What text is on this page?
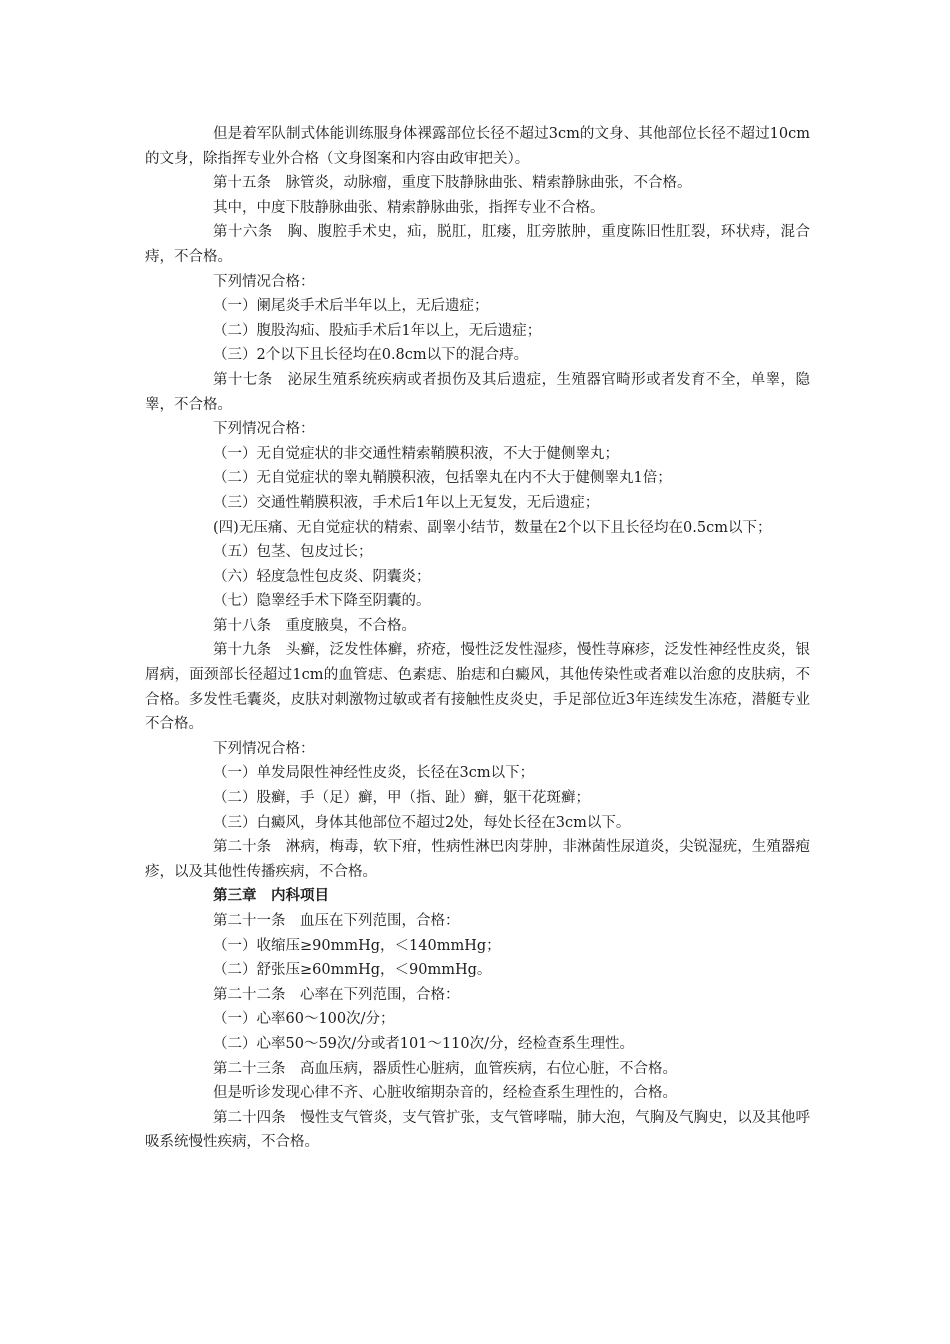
但是着军队制式体能训练服身体裸露部位长径不超过3cm的文身、其他部位长径不超过10cm的文身，除指挥专业外合格（文身图案和内容由政审把关）。

第十五条　脉管炎，动脉瘤，重度下肢静脉曲张、精索静脉曲张，不合格。

其中，中度下肢静脉曲张、精索静脉曲张，指挥专业不合格。

第十六条　胸、腹腔手术史，疝，脱肛，肛瘘，肛旁脓肿，重度陈旧性肛裂，环状痔，混合痔，不合格。

下列情况合格：

（一）阑尾炎手术后半年以上，无后遗症；

（二）腹股沟疝、股疝手术后1年以上，无后遗症；

（三）2个以下且长径均在0.8cm以下的混合痔。

第十七条　泌尿生殖系统疾病或者损伤及其后遗症，生殖器官畸形或者发育不全，单睾，隐睾，不合格。

下列情况合格：

（一）无自觉症状的非交通性精索鞘膜积液，不大于健侧睾丸；

（二）无自觉症状的睾丸鞘膜积液，包括睾丸在内不大于健侧睾丸1倍；

（三）交通性鞘膜积液，手术后1年以上无复发，无后遗症；

(四)无压痛、无自觉症状的精索、副睾小结节，数量在2个以下且长径均在0.5cm以下；

（五）包茎、包皮过长；

（六）轻度急性包皮炎、阴囊炎；

（七）隐睾经手术下降至阴囊的。

第十八条　重度腋臭，不合格。

第十九条　头癣，泛发性体癣，疥疮，慢性泛发性湿疹，慢性荨麻疹，泛发性神经性皮炎，银屑病，面颈部长径超过1cm的血管痣、色素痣、胎痣和白癜风，其他传染性或者难以治愈的皮肤病，不合格。多发性毛囊炎，皮肤对刺激物过敏或者有接触性皮炎史，手足部位近3年连续发生冻疮，潜艇专业不合格。

下列情况合格：

（一）单发局限性神经性皮炎，长径在3cm以下；

（二）股癣，手（足）癣，甲（指、趾）癣，躯干花斑癣；

（三）白癜风，身体其他部位不超过2处，每处长径在3cm以下。

第二十条　淋病，梅毒，软下疳，性病性淋巴肉芽肿，非淋菌性尿道炎，尖锐湿疣，生殖器疱疹，以及其他性传播疾病，不合格。

第三章　内科项目

第二十一条　血压在下列范围，合格：

（一）收缩压≥90mmHg，＜140mmHg；

（二）舒张压≥60mmHg，＜90mmHg。

第二十二条　心率在下列范围，合格：

（一）心率60～100次/分；

（二）心率50～59次/分或者101～110次/分，经检查系生理性。

第二十三条　高血压病，器质性心脏病，血管疾病，右位心脏，不合格。

但是听诊发现心律不齐、心脏收缩期杂音的，经检查系生理性的，合格。

第二十四条　慢性支气管炎，支气管扩张，支气管哮喘，肺大泡，气胸及气胸史，以及其他呼吸系统慢性疾病，不合格。
